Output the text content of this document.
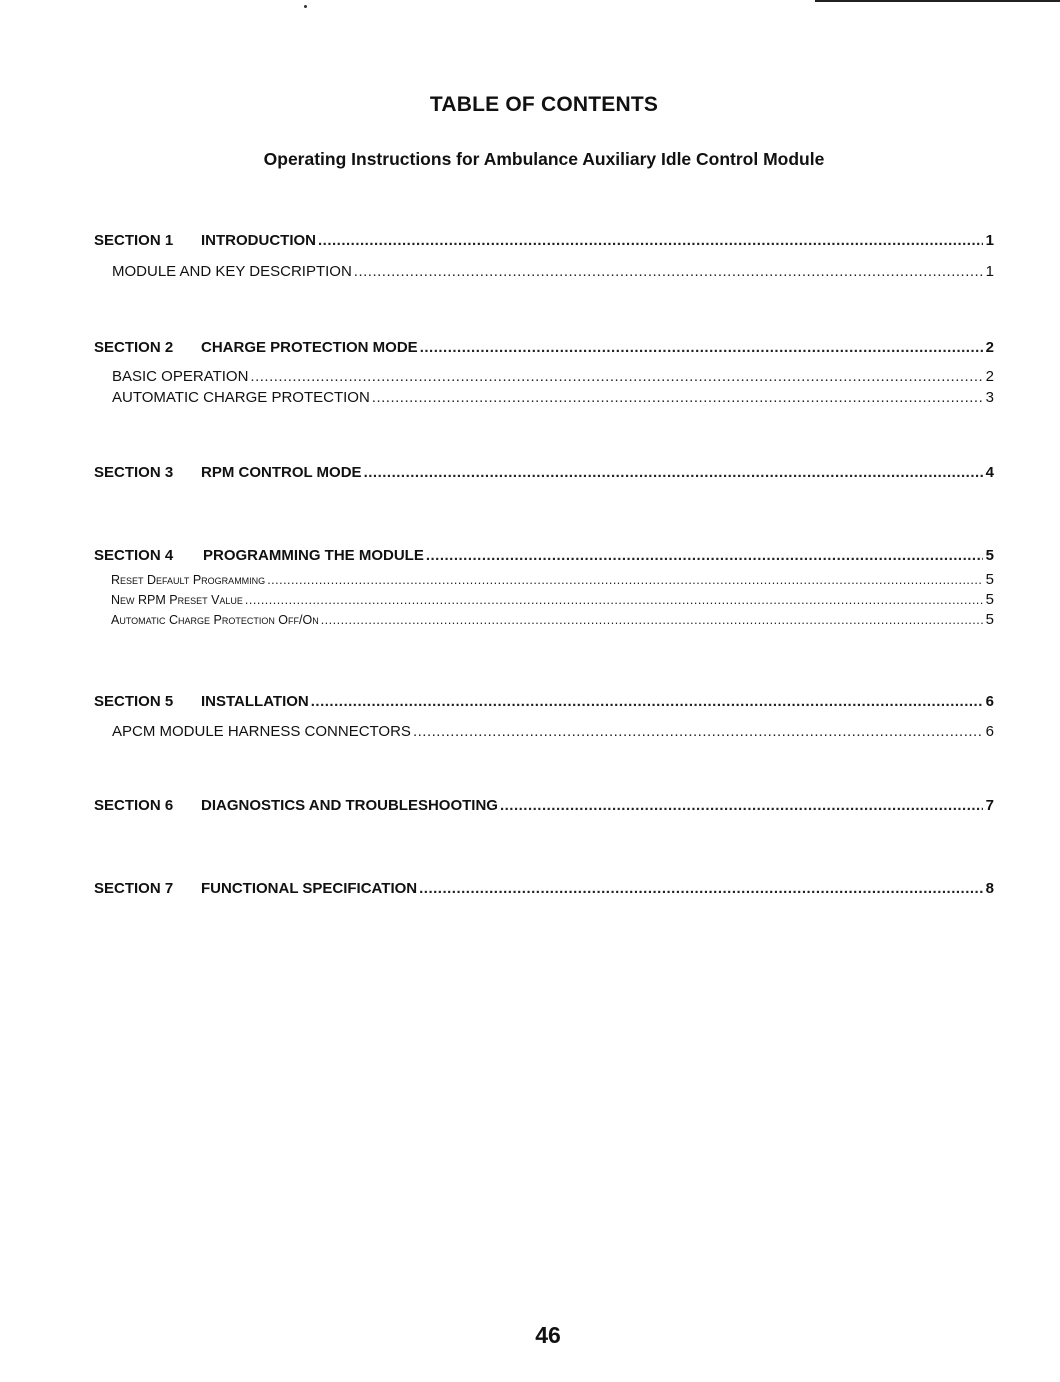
TABLE OF CONTENTS
Operating Instructions for Ambulance Auxiliary Idle Control Module
SECTION 1 INTRODUCTION .....	1
MODULE AND KEY DESCRIPTION .....	1
SECTION 2 CHARGE PROTECTION MODE .....	2
BASIC OPERATION .....	2
AUTOMATIC CHARGE PROTECTION .....	3
SECTION 3 RPM CONTROL MODE .....	4
SECTION 4 PROGRAMMING THE MODULE .....	5
Reset Default Programming .....	5
New RPM Preset Value .....	5
Automatic Charge Protection Off/On .....	5
SECTION 5 INSTALLATION .....	6
APCM MODULE HARNESS CONNECTORS .....	6
SECTION 6 DIAGNOSTICS AND TROUBLESHOOTING .....	7
SECTION 7 FUNCTIONAL SPECIFICATION .....	8
46
